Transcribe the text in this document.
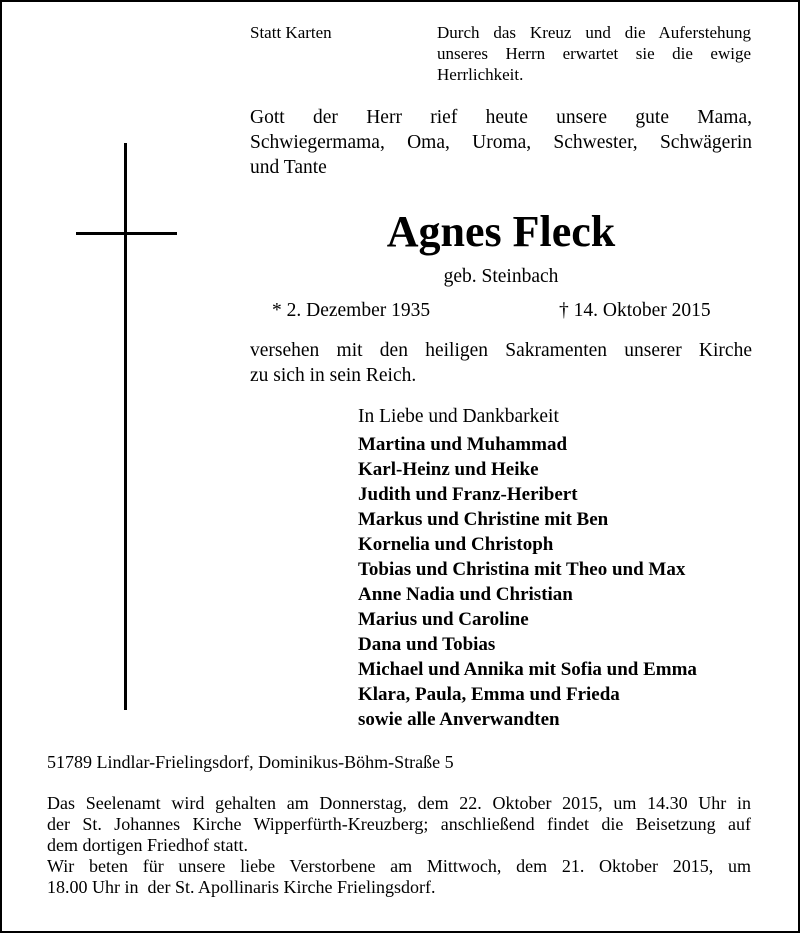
Statt Karten	Durch das Kreuz und die Auferstehung
unseres Herrn erwartet sie die ewige
Herrlichkeit.
Gott der Herr rief heute unsere gute Mama,
Schwiegermama, Oma, Uroma, Schwester, Schwägerin
und Tante
Agnes Fleck
geb. Steinbach
* 2. Dezember 1935	† 14. Oktober 2015
versehen mit den heiligen Sakramenten unserer Kirche
zu sich in sein Reich.
In Liebe und Dankbarkeit
Martina und Muhammad
Karl-Heinz und Heike
Judith und Franz-Heribert
Markus und Christine mit Ben
Kornelia und Christoph
Tobias und Christina mit Theo und Max
Anne Nadia und Christian
Marius und Caroline
Dana und Tobias
Michael und Annika mit Sofia und Emma
Klara, Paula, Emma und Frieda
sowie alle Anverwandten
51789 Lindlar-Frielingsdorf, Dominikus-Böhm-Straße 5
Das Seelenamt wird gehalten am Donnerstag, dem 22. Oktober 2015, um 14.30 Uhr in
der St. Johannes Kirche Wipperfürth-Kreuzberg; anschließend findet die Beisetzung auf
dem dortigen Friedhof statt.
Wir beten für unsere liebe Verstorbene am Mittwoch, dem 21. Oktober 2015, um
18.00 Uhr in  der St. Apollinaris Kirche Frielingsdorf.
